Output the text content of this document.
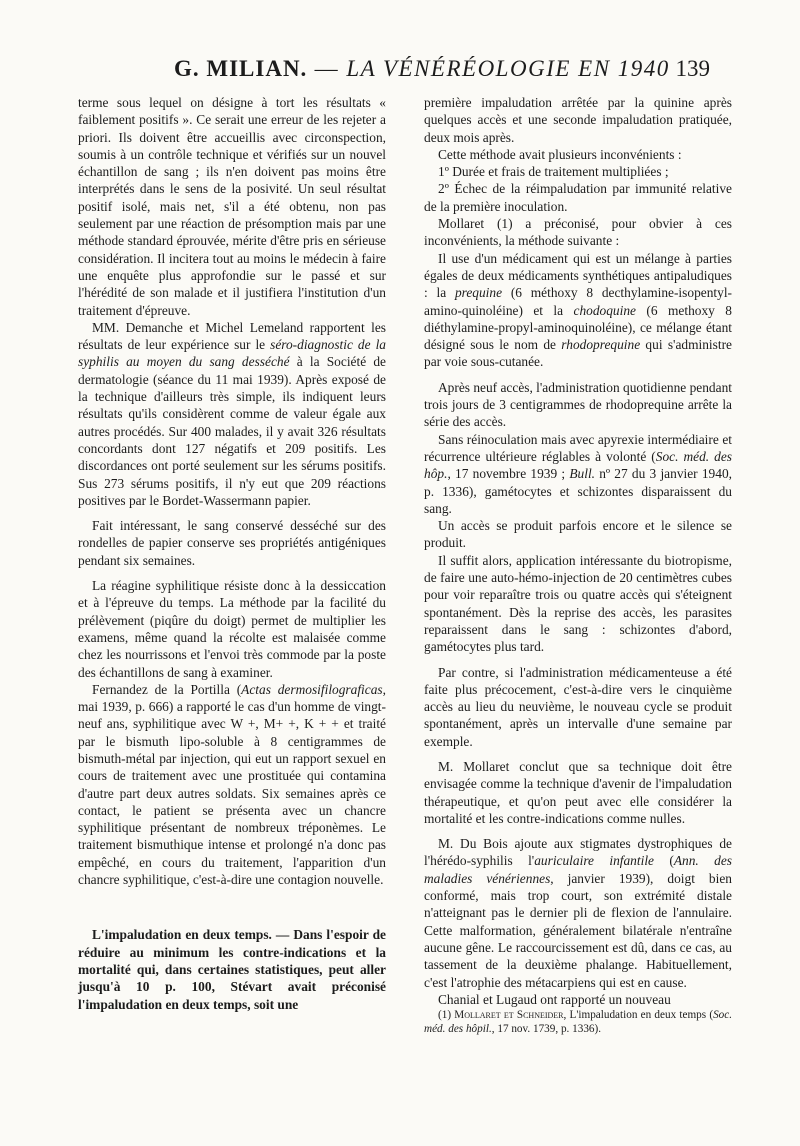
G. MILIAN. — LA VÉNÉRÉOLOGIE EN 1940 139

terme sous lequel on désigne à tort les résultats « faiblement positifs ». Ce serait une erreur de les rejeter a priori. Ils doivent être accueillis avec circonspection, soumis à un contrôle technique et vérifiés sur un nouvel échantillon de sang ; ils n'en doivent pas moins être interprétés dans le sens de la posivité. Un seul résultat positif isolé, mais net, s'il a été obtenu, non pas seulement par une réaction de présomption mais par une méthode standard éprouvée, mérite d'être pris en sérieuse considération. Il incitera tout au moins le médecin à faire une enquête plus approfondie sur le passé et sur l'hérédité de son malade et il justifiera l'institution d'un traitement d'épreuve.

MM. Demanche et Michel Lemeland rapportent les résultats de leur expérience sur le séro-diagnostic de la syphilis au moyen du sang desséché à la Société de dermatologie (séance du 11 mai 1939). Après exposé de la technique d'ailleurs très simple, ils indiquent leurs résultats qu'ils considèrent comme de valeur égale aux autres procédés. Sur 400 malades, il y avait 326 résultats concordants dont 127 négatifs et 209 positifs. Les discordances ont porté seulement sur les sérums positifs. Sus 273 sérums positifs, il n'y eut que 209 réactions positives par le Bordet-Wassermann papier.

Fait intéressant, le sang conservé desséché sur des rondelles de papier conserve ses propriétés antigéniques pendant six semaines.

La réagine syphilitique résiste donc à la dessiccation et à l'épreuve du temps. La méthode par la facilité du prélèvement (piqûre du doigt) permet de multiplier les examens, même quand la récolte est malaisée comme chez les nourrissons et l'envoi très commode par la poste des échantillons de sang à examiner.

Fernandez de la Portilla (Actas dermosifilograficas, mai 1939, p. 666) a rapporté le cas d'un homme de vingt-neuf ans, syphilitique avec W +, M+ +, K + + et traité par le bismuth lipo-soluble à 8 centigrammes de bismuth-métal par injection, qui eut un rapport sexuel en cours de traitement avec une prostituée qui contamina d'autre part deux autres soldats. Six semaines après ce contact, le patient se présenta avec un chancre syphilitique présentant de nombreux tréponèmes. Le traitement bismuthique intense et prolongé n'a donc pas empêché, en cours du traitement, l'apparition d'un chancre syphilitique, c'est-à-dire une contagion nouvelle.

L'impaludation en deux temps. — Dans l'espoir de réduire au minimum les contre-indications et la mortalité qui, dans certaines statistiques, peut aller jusqu'à 10 p. 100, Stévart avait préconisé l'impaludation en deux temps, soit une

première impaludation arrêtée par la quinine après quelques accès et une seconde impaludation pratiquée, deux mois après.

Cette méthode avait plusieurs inconvénients :

1º Durée et frais de traitement multipliées ;

2º Échec de la réimpaludation par immunité relative de la première inoculation.

Mollaret (1) a préconisé, pour obvier à ces inconvénients, la méthode suivante :

Il use d'un médicament qui est un mélange à parties égales de deux médicaments synthétiques antipaludiques : la prequine (6 méthoxy 8 decthylamine-isopentyl-amino-quinoléine) et la chodoquine (6 methoxy 8 diéthylamine-propyl-aminoquinoléine), ce mélange étant désigné sous le nom de rhodoprequine qui s'administre par voie sous-cutanée.

Après neuf accès, l'administration quotidienne pendant trois jours de 3 centigrammes de rhodoprequine arrête la série des accès.

Sans réinoculation mais avec apyrexie intermédiaire et récurrence ultérieure réglables à volonté (Soc. méd. des hôp., 17 novembre 1939 ; Bull. nº 27 du 3 janvier 1940, p. 1336), gamétocytes et schizontes disparaissent du sang.

Un accès se produit parfois encore et le silence se produit.

Il suffit alors, application intéressante du biotropisme, de faire une auto-hémo-injection de 20 centimètres cubes pour voir reparaître trois ou quatre accès qui s'éteignent spontanément. Dès la reprise des accès, les parasites reparaissent dans le sang : schizontes d'abord, gamétocytes plus tard.

Par contre, si l'administration médicamenteuse a été faite plus précocement, c'est-à-dire vers le cinquième accès au lieu du neuvième, le nouveau cycle se produit spontanément, après un intervalle d'une semaine par exemple.

M. Mollaret conclut que sa technique doit être envisagée comme la technique d'avenir de l'impaludation thérapeutique, et qu'on peut avec elle considérer la mortalité et les contre-indications comme nulles.

M. Du Bois ajoute aux stigmates dystrophiques de l'hérédo-syphilis l'auriculaire infantile (Ann. des maladies vénériennes, janvier 1939), doigt bien conformé, mais trop court, son extrémité distale n'atteignant pas le dernier pli de flexion de l'annulaire. Cette malformation, généralement bilatérale n'entraîne aucune gêne. Le raccourcissement est dû, dans ce cas, au tassement de la deuxième phalange. Habituellement, c'est l'atrophie des métacarpiens qui est en cause.

Chanial et Lugaud ont rapporté un nouveau

(1) Mollaret et Schneider, L'impaludation en deux temps (Soc. méd. des hôpil., 17 nov. 1739, p. 1336).
